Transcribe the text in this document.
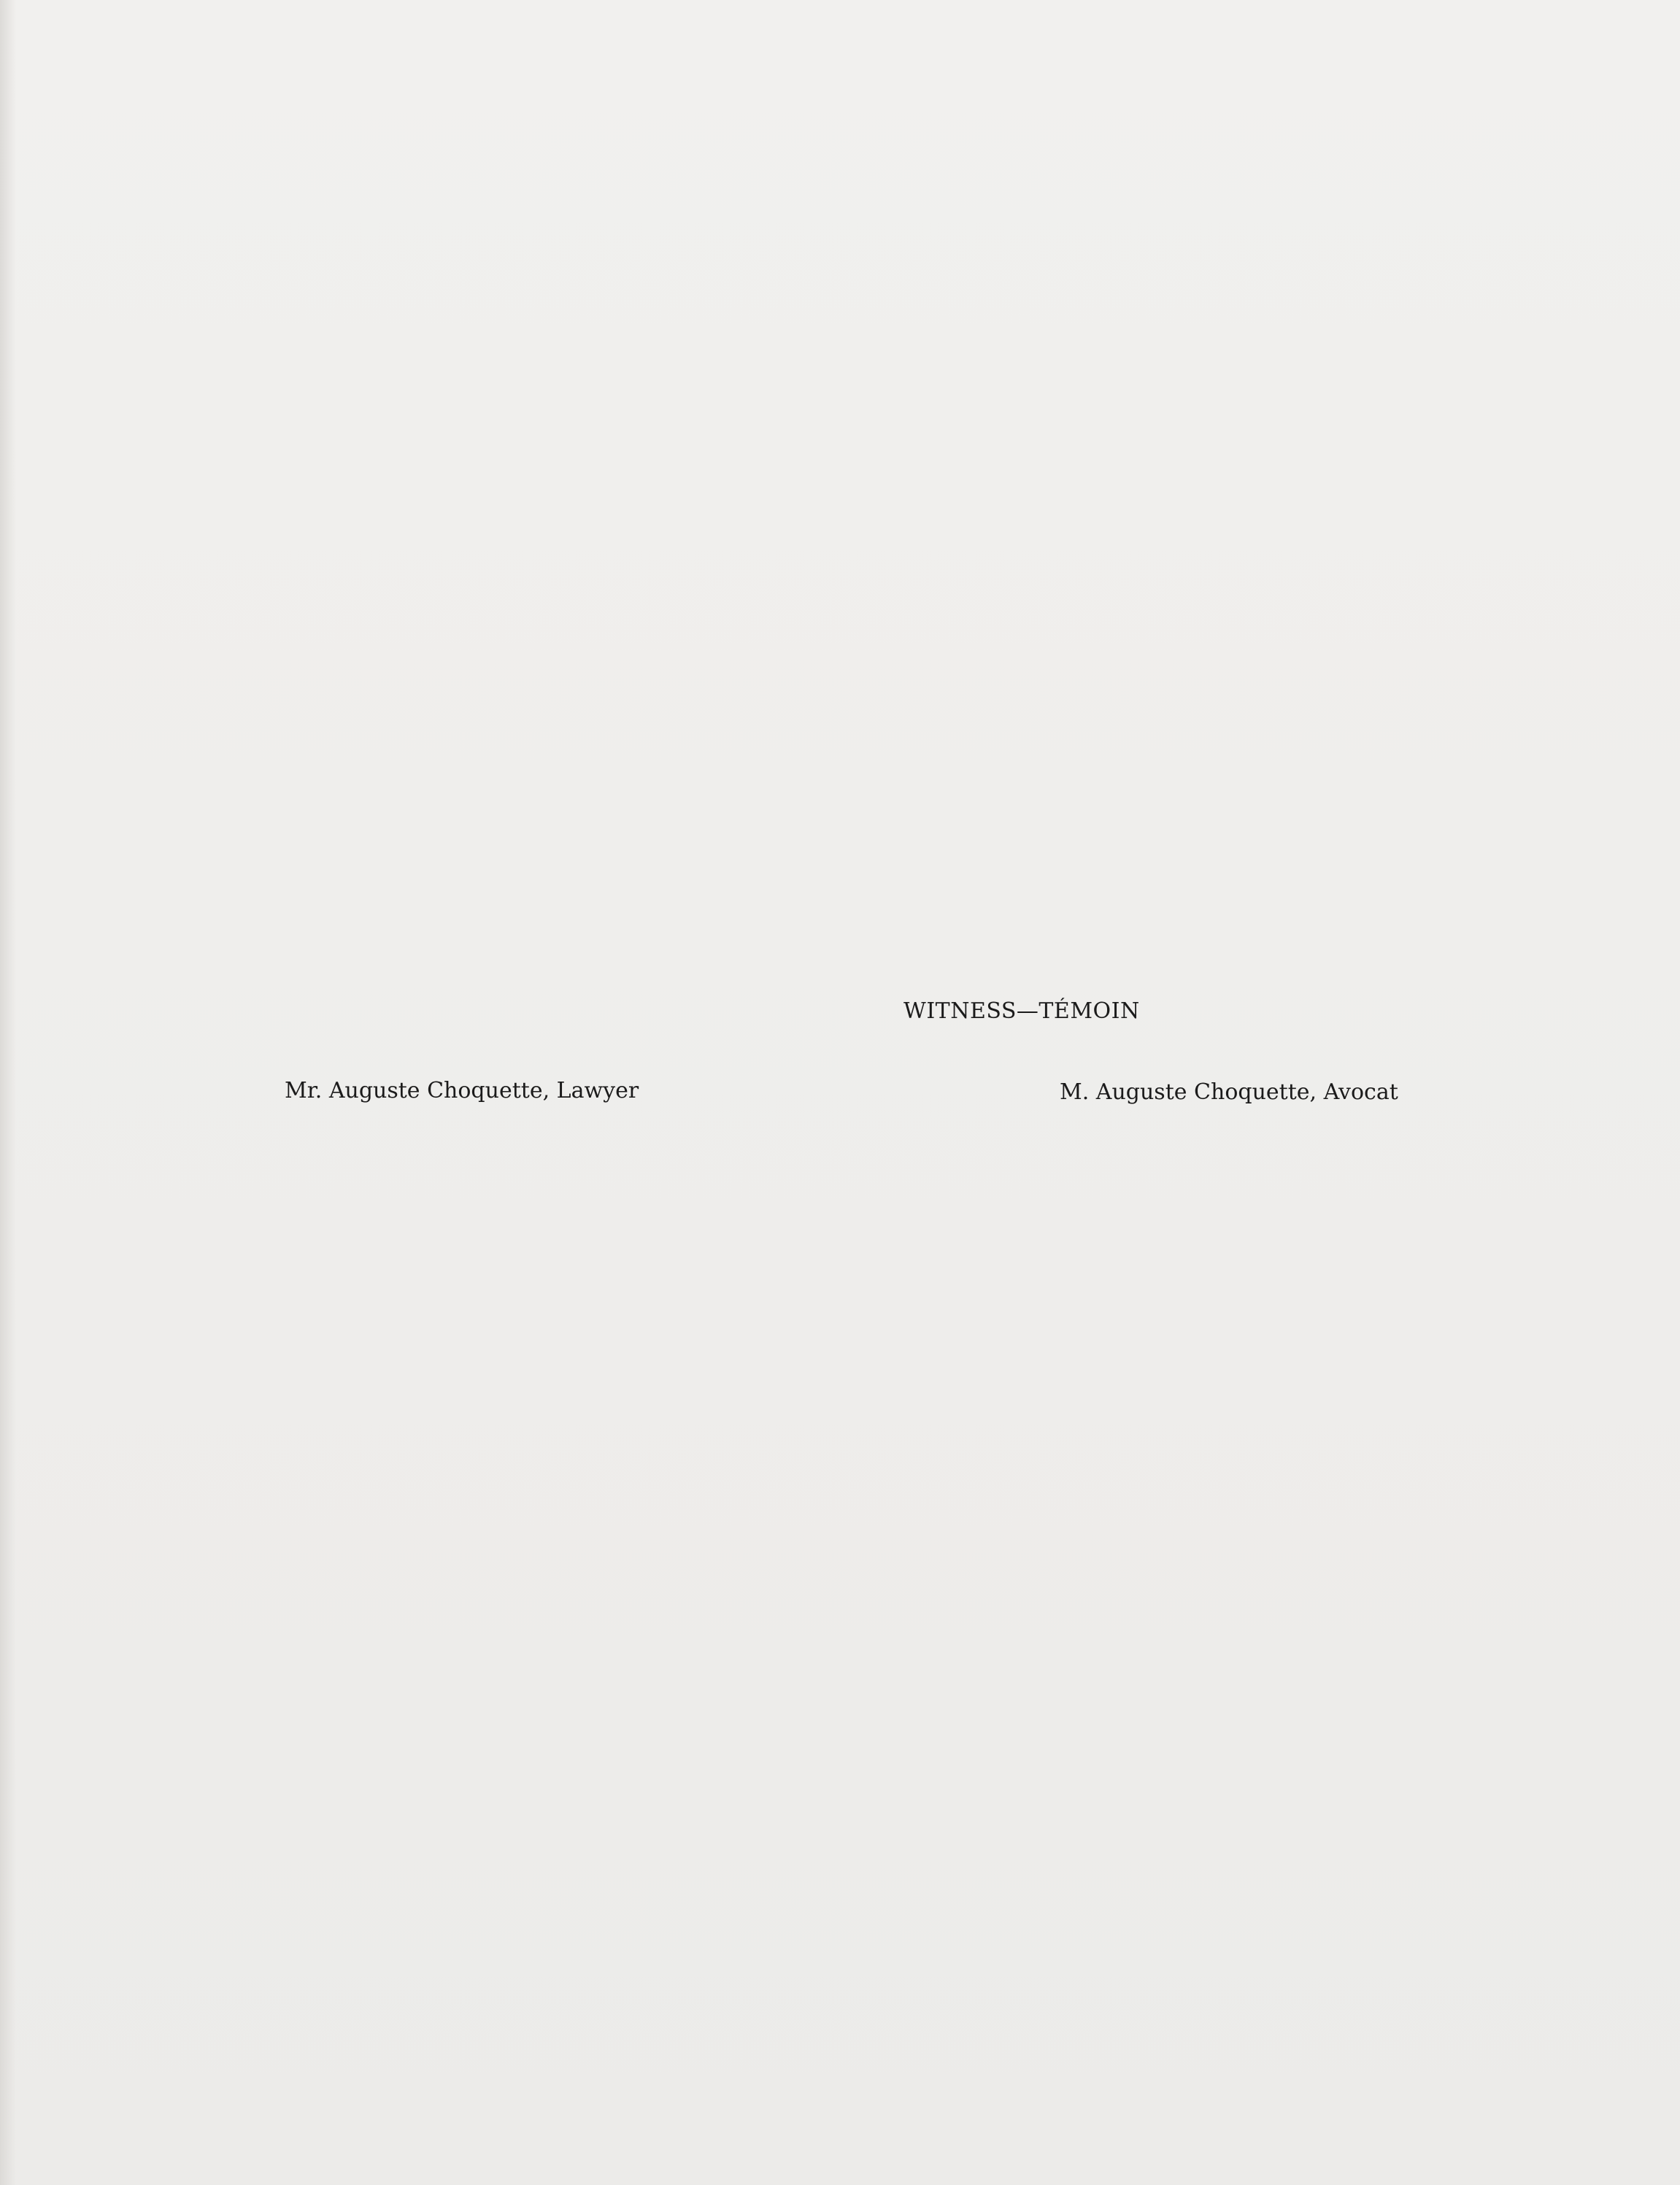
WITNESS—TÉMOIN
Mr. Auguste Choquette, Lawyer	M. Auguste Choquette, Avocat
